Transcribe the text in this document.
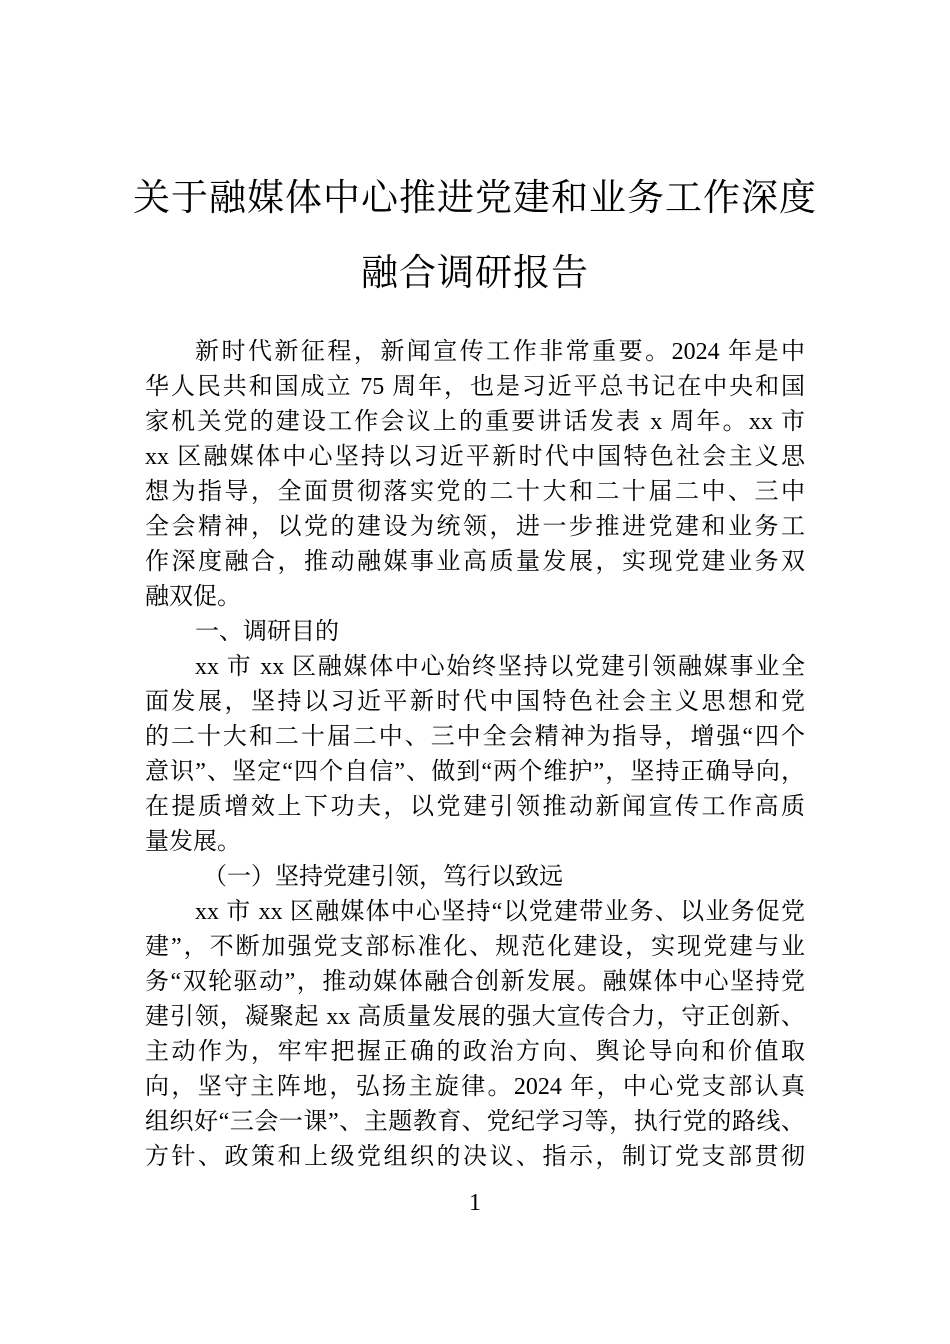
关于融媒体中心推进党建和业务工作深度
融合调研报告
新时代新征程，新闻宣传工作非常重要。2024 年是中
华人民共和国成立 75 周年，也是习近平总书记在中央和国
家机关党的建设工作会议上的重要讲话发表 x 周年。xx 市
xx 区融媒体中心坚持以习近平新时代中国特色社会主义思
想为指导，全面贯彻落实党的二十大和二十届二中、三中
全会精神，以党的建设为统领，进一步推进党建和业务工
作深度融合，推动融媒事业高质量发展，实现党建业务双
融双促。
一、调研目的
xx 市 xx 区融媒体中心始终坚持以党建引领融媒事业全
面发展，坚持以习近平新时代中国特色社会主义思想和党
的二十大和二十届二中、三中全会精神为指导，增强“四个
意识”、坚定“四个自信”、做到“两个维护”，坚持正确导向，
在提质增效上下功夫，以党建引领推动新闻宣传工作高质
量发展。
（一）坚持党建引领，笃行以致远
xx 市 xx 区融媒体中心坚持“以党建带业务、以业务促党
建”，不断加强党支部标准化、规范化建设，实现党建与业
务“双轮驱动”，推动媒体融合创新发展。融媒体中心坚持党
建引领，凝聚起 xx 高质量发展的强大宣传合力，守正创新、
主动作为，牢牢把握正确的政治方向、舆论导向和价值取
向，坚守主阵地，弘扬主旋律。2024 年，中心党支部认真
组织好“三会一课”、主题教育、党纪学习等，执行党的路线、
方针、政策和上级党组织的决议、指示，制订党支部贯彻
1
